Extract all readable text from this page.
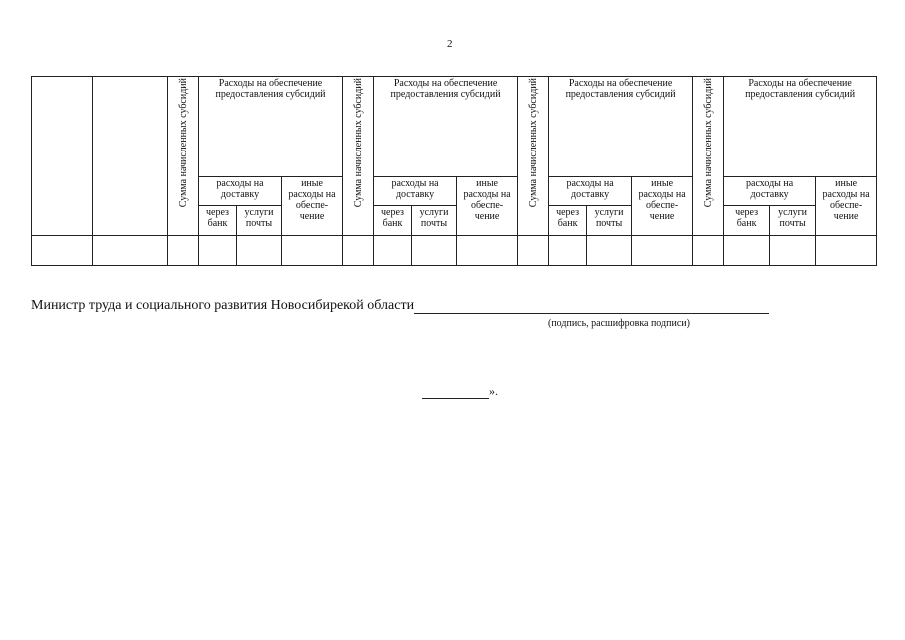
2

		Сумма начисленных субсидий	Расходы на обеспечение предоставления субсидий			Сумма начисленных субсидий	Расходы на обеспечение предоставления субсидий			Сумма начисленных субсидий	Расходы на обеспечение предоставления субсидий			Сумма начисленных субсидий	Расходы на обеспечение предоставления субсидий		
			расходы на доставку		иные расходы на обеспе-чение		расходы на доставку		иные расходы на обеспе-чение		расходы на доставку		иные расходы на обеспе-чение		расходы на доставку		иные расходы на обеспе-чение
			через банк	услуги почты			через банк	услуги почты			через банк	услуги почты			через банк	услуги почты	

Министр труда и социального развития Новосибирекой области
(подпись, расшифровка подписи)
».
